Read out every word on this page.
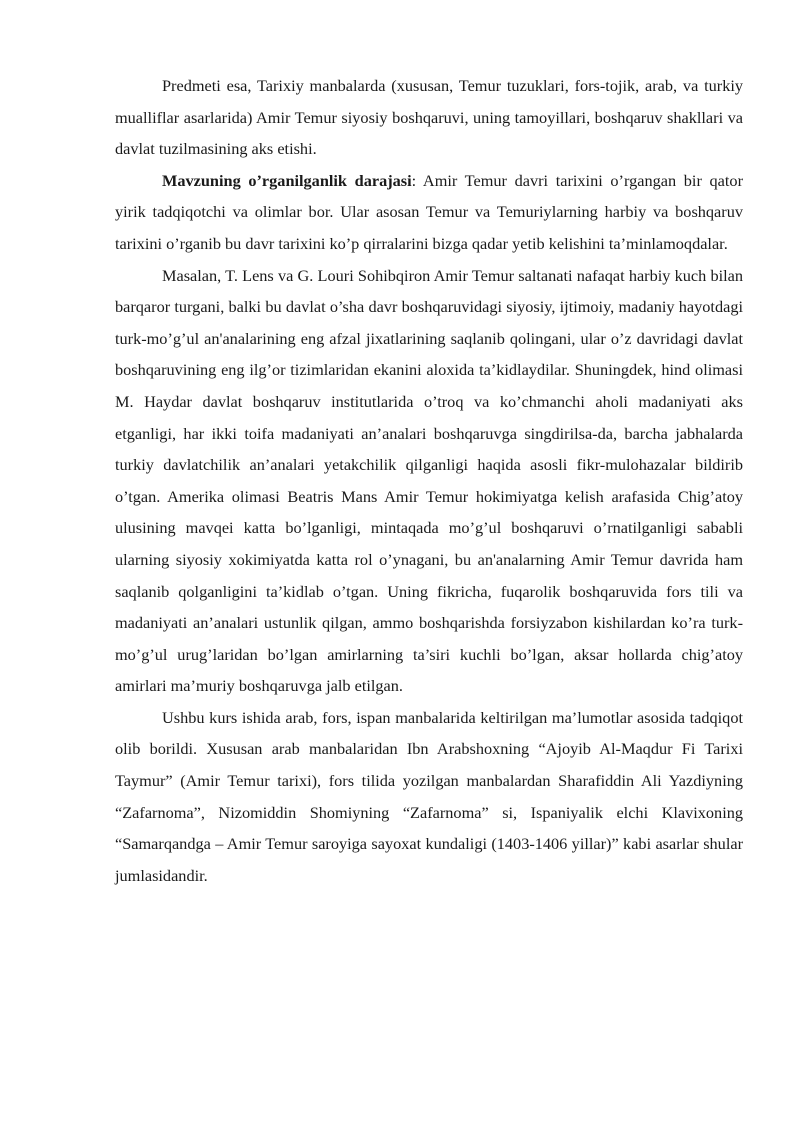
Predmeti esa, Tarixiy manbalarda (xususan, Temur tuzuklari, fors-tojik, arab, va turkiy mualliflar asarlarida) Amir Temur siyosiy boshqaruvi, uning tamoyillari, boshqaruv shakllari va davlat tuzilmasining aks etishi.

Mavzuning o’rganilganlik darajasi: Amir Temur davri tarixini o’rgangan bir qator yirik tadqiqotchi va olimlar bor. Ular asosan Temur va Temuriylarning harbiy va boshqaruv tarixini o’rganib bu davr tarixini ko’p qirralarini bizga qadar yetib kelishini ta’minlamoqdalar.

Masalan, T. Lens va G. Louri Sohibqiron Amir Temur saltanati nafaqat harbiy kuch bilan barqaror turgani, balki bu davlat o’sha davr boshqaruvidagi siyosiy, ijtimoiy, madaniy hayotdagi turk-mo’g’ul an'analarining eng afzal jixatlarining saqlanib qolingani, ular o’z davridagi davlat boshqaruvining eng ilg’or tizimlaridan ekanini aloxida ta’kidlaydilar. Shuningdek, hind olimasi M. Haydar davlat boshqaruv institutlarida o’troq va ko’chmanchi aholi madaniyati aks etganligi, har ikki toifa madaniyati an’analari boshqaruvga singdirilsa-da, barcha jabhalarda turkiy davlatchilik an’analari yetakchilik qilganligi haqida asosli fikr-mulohazalar bildirib o’tgan. Amerika olimasi Beatris Mans Amir Temur hokimiyatga kelish arafasida Chig’atoy ulusining mavqei katta bo’lganligi, mintaqada mo’g’ul boshqaruvi o’rnatilganligi sababli ularning siyosiy xokimiyatda katta rol o’ynagani, bu an'analarning Amir Temur davrida ham saqlanib qolganligini ta’kidlab o’tgan. Uning fikricha, fuqarolik boshqaruvida fors tili va madaniyati an’analari ustunlik qilgan, ammo boshqarishda forsiyzabon kishilardan ko’ra turk-mo’g’ul urug’laridan bo’lgan amirlarning ta’siri kuchli bo’lgan, aksar hollarda chig’atoy amirlari ma’muriy boshqaruvga jalb etilgan.

Ushbu kurs ishida arab, fors, ispan manbalarida keltirilgan ma’lumotlar asosida tadqiqot olib borildi. Xususan arab manbalaridan Ibn Arabshoxning “Ajoyib Al-Maqdur Fi Tarixi Taymur” (Amir Temur tarixi), fors tilida yozilgan manbalardan Sharafiddin Ali Yazdiyning “Zafarnoma”, Nizomiddin Shomiyning “Zafarnoma” si, Ispaniyalik elchi Klavixoning “Samarqandga – Amir Temur saroyiga sayoxat kundaligi (1403-1406 yillar)” kabi asarlar shular jumlasidandir.
